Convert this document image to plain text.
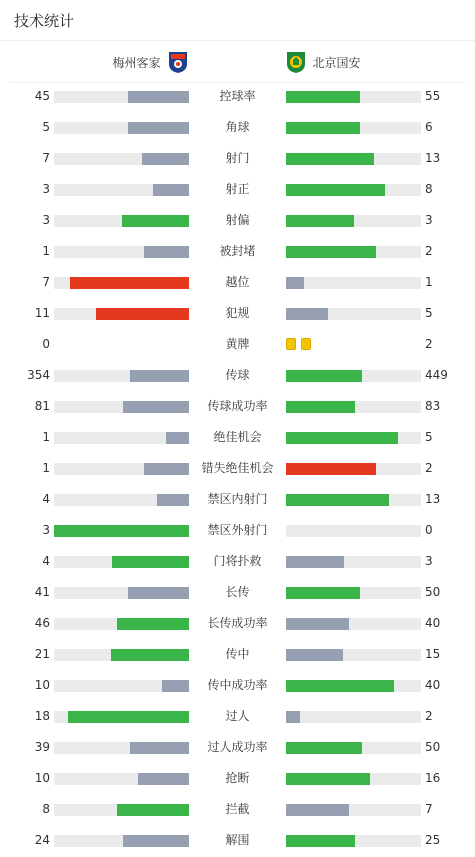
技术统计
梅州客家	北京国安
45	控球率	55
5	角球	6
7	射门	13
3	射正	8
3	射偏	3
1	被封堵	2
7	越位	1
11	犯规	5
0	黄牌	2
354	传球	449
81	传球成功率	83
1	绝佳机会	5
1	错失绝佳机会	2
4	禁区内射门	13
3	禁区外射门	0
4	门将扑救	3
41	长传	50
46	长传成功率	40
21	传中	15
10	传中成功率	40
18	过人	2
39	过人成功率	50
10	抢断	16
8	拦截	7
24	解围	25
